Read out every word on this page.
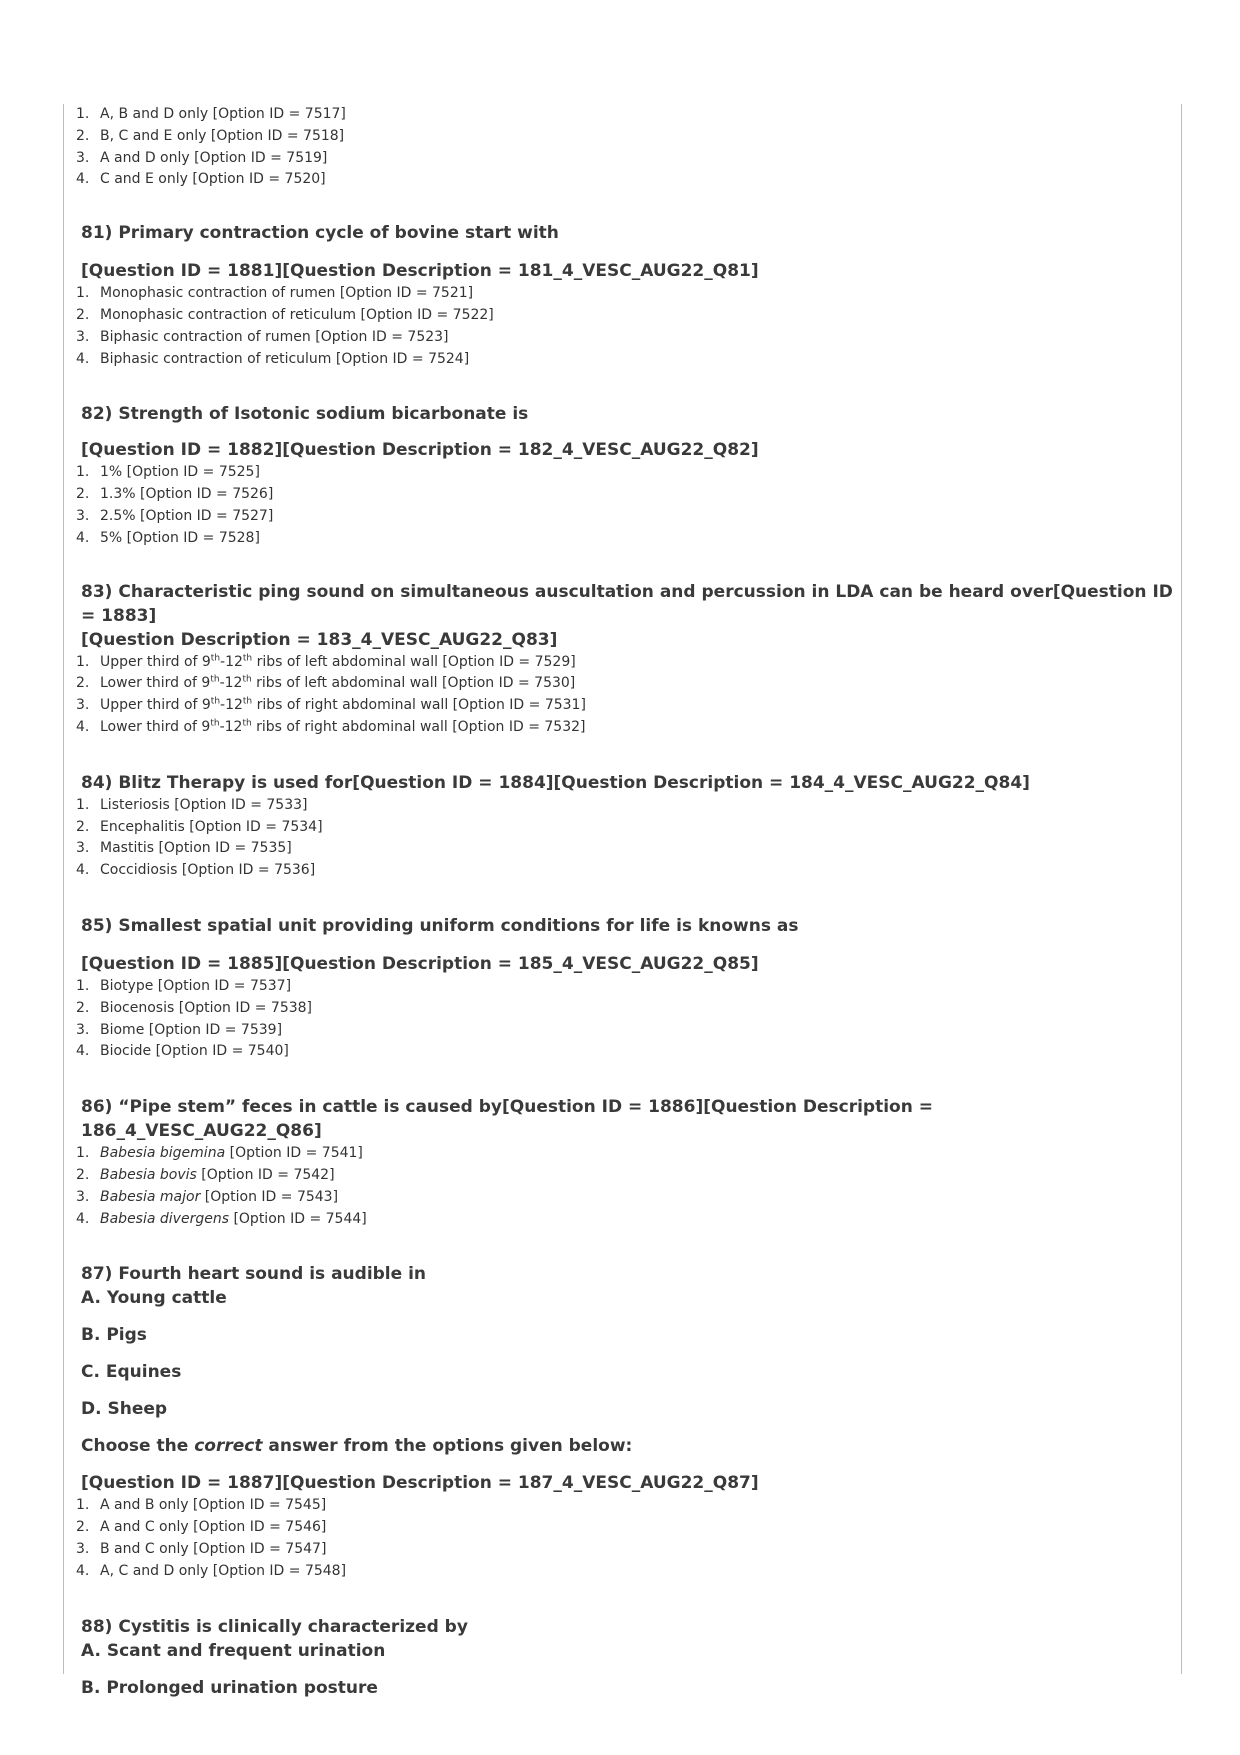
A, B and D only [Option ID = 7517]
B, C and E only [Option ID = 7518]
A and D only [Option ID = 7519]
C and E only [Option ID = 7520]
81) Primary contraction cycle of bovine start with
[Question ID = 1881][Question Description = 181_4_VESC_AUG22_Q81]
Monophasic contraction of rumen [Option ID = 7521]
Monophasic contraction of reticulum [Option ID = 7522]
Biphasic contraction of rumen [Option ID = 7523]
Biphasic contraction of reticulum [Option ID = 7524]
82) Strength of Isotonic sodium bicarbonate is
[Question ID = 1882][Question Description = 182_4_VESC_AUG22_Q82]
1% [Option ID = 7525]
1.3% [Option ID = 7526]
2.5% [Option ID = 7527]
5% [Option ID = 7528]
83) Characteristic ping sound on simultaneous auscultation and percussion in LDA can be heard over[Question ID = 1883]
[Question Description = 183_4_VESC_AUG22_Q83]
Upper third of 9th-12th ribs of left abdominal wall [Option ID = 7529]
Lower third of 9th-12th ribs of left abdominal wall [Option ID = 7530]
Upper third of 9th-12th ribs of right abdominal wall [Option ID = 7531]
Lower third of 9th-12th ribs of right abdominal wall [Option ID = 7532]
84) Blitz Therapy is used for[Question ID = 1884][Question Description = 184_4_VESC_AUG22_Q84]
Listeriosis [Option ID = 7533]
Encephalitis [Option ID = 7534]
Mastitis [Option ID = 7535]
Coccidiosis [Option ID = 7536]
85) Smallest spatial unit providing uniform conditions for life is knowns as
[Question ID = 1885][Question Description = 185_4_VESC_AUG22_Q85]
Biotype [Option ID = 7537]
Biocenosis [Option ID = 7538]
Biome [Option ID = 7539]
Biocide [Option ID = 7540]
86) “Pipe stem” feces in cattle is caused by[Question ID = 1886][Question Description = 186_4_VESC_AUG22_Q86]
Babesia bigemina [Option ID = 7541]
Babesia bovis [Option ID = 7542]
Babesia major [Option ID = 7543]
Babesia divergens [Option ID = 7544]
87) Fourth heart sound is audible in
A. Young cattle
B. Pigs
C. Equines
D. Sheep
Choose the correct answer from the options given below:
[Question ID = 1887][Question Description = 187_4_VESC_AUG22_Q87]
A and B only [Option ID = 7545]
A and C only [Option ID = 7546]
B and C only [Option ID = 7547]
A, C and D only [Option ID = 7548]
88) Cystitis is clinically characterized by
A. Scant and frequent urination
B. Prolonged urination posture
